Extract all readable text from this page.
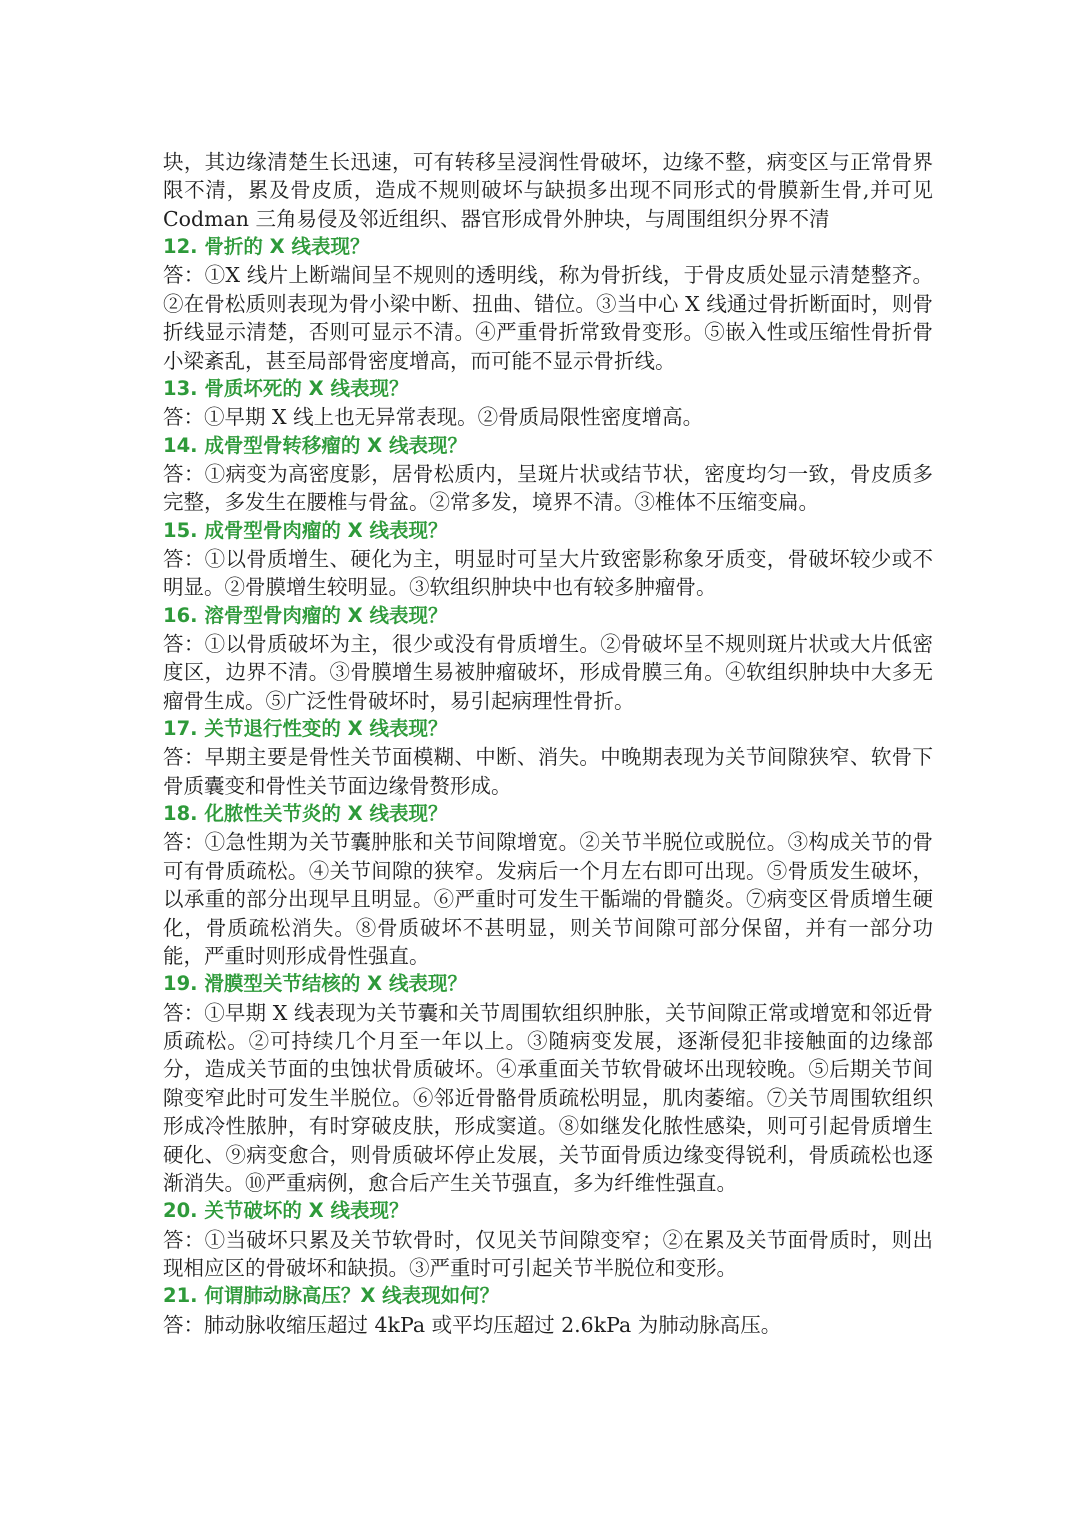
块，其边缘清楚生长迅速，可有转移呈浸润性骨破坏，边缘不整，病变区与正常骨界限不清，累及骨皮质，造成不规则破坏与缺损多出现不同形式的骨膜新生骨,并可见 Codman 三角易侵及邻近组织、器官形成骨外肿块，与周围组织分界不清

12. 骨折的 X 线表现？

答：①X 线片上断端间呈不规则的透明线，称为骨折线，于骨皮质处显示清楚整齐。②在骨松质则表现为骨小梁中断、扭曲、错位。③当中心 X 线通过骨折断面时，则骨折线显示清楚，否则可显示不清。④严重骨折常致骨变形。⑤嵌入性或压缩性骨折骨小梁紊乱，甚至局部骨密度增高，而可能不显示骨折线。

13. 骨质坏死的 X 线表现？

答：①早期 X 线上也无异常表现。②骨质局限性密度增高。

14. 成骨型骨转移瘤的 X 线表现？

答：①病变为高密度影，居骨松质内，呈斑片状或结节状，密度均匀一致，骨皮质多完整，多发生在腰椎与骨盆。②常多发，境界不清。③椎体不压缩变扁。

15. 成骨型骨肉瘤的 X 线表现？

答：①以骨质增生、硬化为主，明显时可呈大片致密影称象牙质变，骨破坏较少或不明显。②骨膜增生较明显。③软组织肿块中也有较多肿瘤骨。

16. 溶骨型骨肉瘤的 X 线表现？

答：①以骨质破坏为主，很少或没有骨质增生。②骨破坏呈不规则斑片状或大片低密度区，边界不清。③骨膜增生易被肿瘤破坏，形成骨膜三角。④软组织肿块中大多无瘤骨生成。⑤广泛性骨破坏时，易引起病理性骨折。

17. 关节退行性变的 X 线表现？

答：早期主要是骨性关节面模糊、中断、消失。中晚期表现为关节间隙狭窄、软骨下骨质囊变和骨性关节面边缘骨赘形成。

18. 化脓性关节炎的 X 线表现？

答：①急性期为关节囊肿胀和关节间隙增宽。②关节半脱位或脱位。③构成关节的骨可有骨质疏松。④关节间隙的狭窄。发病后一个月左右即可出现。⑤骨质发生破坏，以承重的部分出现早且明显。⑥严重时可发生干骺端的骨髓炎。⑦病变区骨质增生硬化，骨质疏松消失。⑧骨质破坏不甚明显，则关节间隙可部分保留，并有一部分功能，严重时则形成骨性强直。

19. 滑膜型关节结核的 X 线表现？

答：①早期 X 线表现为关节囊和关节周围软组织肿胀，关节间隙正常或增宽和邻近骨质疏松。②可持续几个月至一年以上。③随病变发展，逐渐侵犯非接触面的边缘部分，造成关节面的虫蚀状骨质破坏。④承重面关节软骨破坏出现较晚。⑤后期关节间隙变窄此时可发生半脱位。⑥邻近骨骼骨质疏松明显，肌肉萎缩。⑦关节周围软组织形成冷性脓肿，有时穿破皮肤，形成窦道。⑧如继发化脓性感染，则可引起骨质增生硬化、⑨病变愈合，则骨质破坏停止发展，关节面骨质边缘变得锐利，骨质疏松也逐渐消失。⑩严重病例，愈合后产生关节强直，多为纤维性强直。

20. 关节破坏的 X 线表现？

答：①当破坏只累及关节软骨时，仅见关节间隙变窄；②在累及关节面骨质时，则出现相应区的骨破坏和缺损。③严重时可引起关节半脱位和变形。

21. 何谓肺动脉高压？X 线表现如何？

答：肺动脉收缩压超过 4kPa 或平均压超过 2.6kPa 为肺动脉高压。
